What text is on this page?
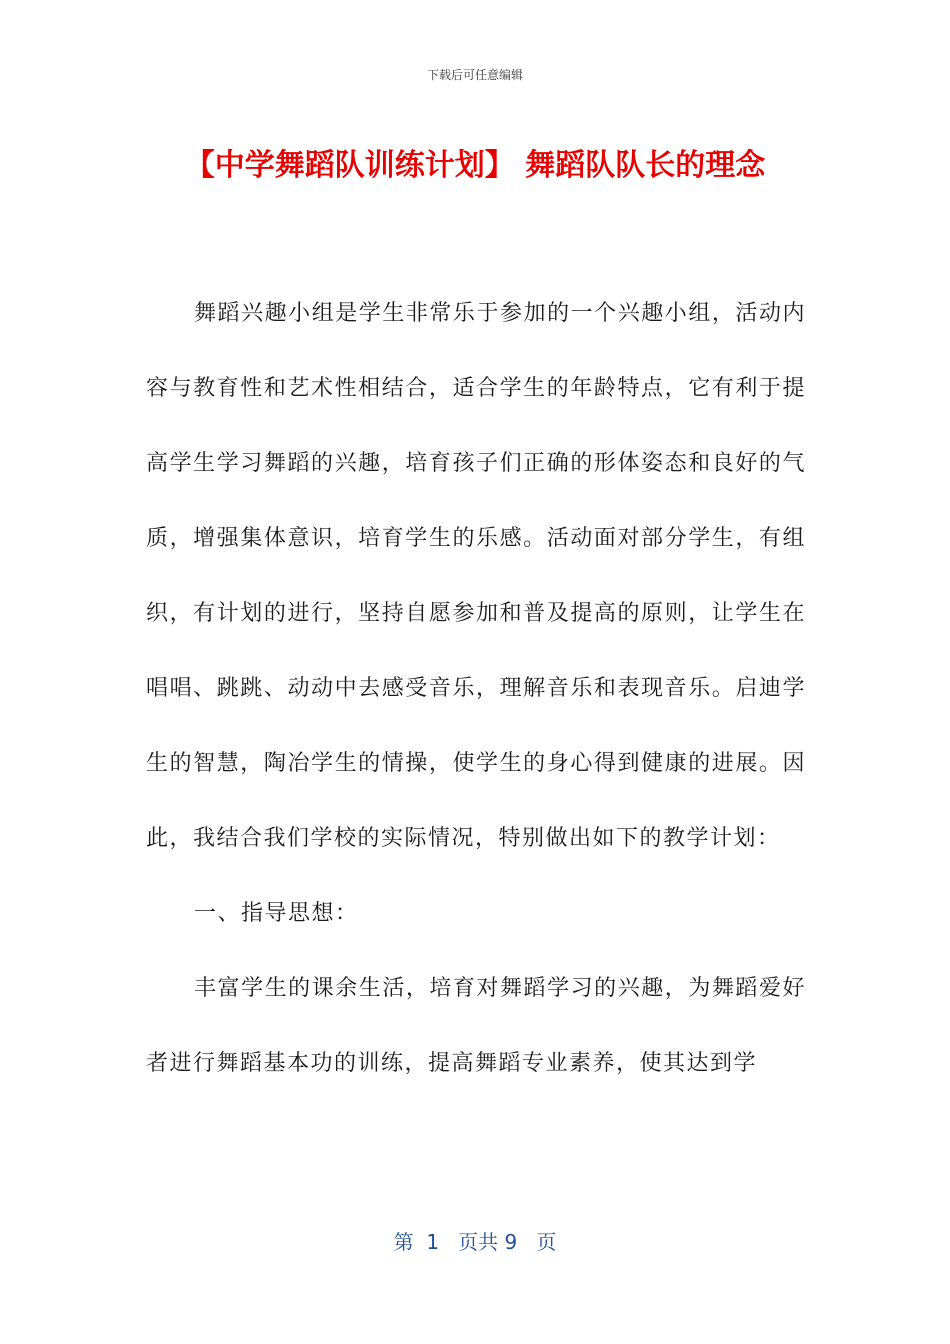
下载后可任意编辑
【中学舞蹈队训练计划】 舞蹈队队长的理念

舞蹈兴趣小组是学生非常乐于参加的一个兴趣小组，活动内容与教育性和艺术性相结合，适合学生的年龄特点，它有利于提高学生学习舞蹈的兴趣，培育孩子们正确的形体姿态和良好的气质，增强集体意识，培育学生的乐感。活动面对部分学生，有组织，有计划的进行，坚持自愿参加和普及提高的原则，让学生在唱唱、跳跳、动动中去感受音乐，理解音乐和表现音乐。启迪学生的智慧，陶冶学生的情操，使学生的身心得到健康的进展。因此，我结合我们学校的实际情况，特别做出如下的教学计划：

一、指导思想：

丰富学生的课余生活，培育对舞蹈学习的兴趣，为舞蹈爱好者进行舞蹈基本功的训练，提高舞蹈专业素养，使其达到学

第  1   页共 9   页
